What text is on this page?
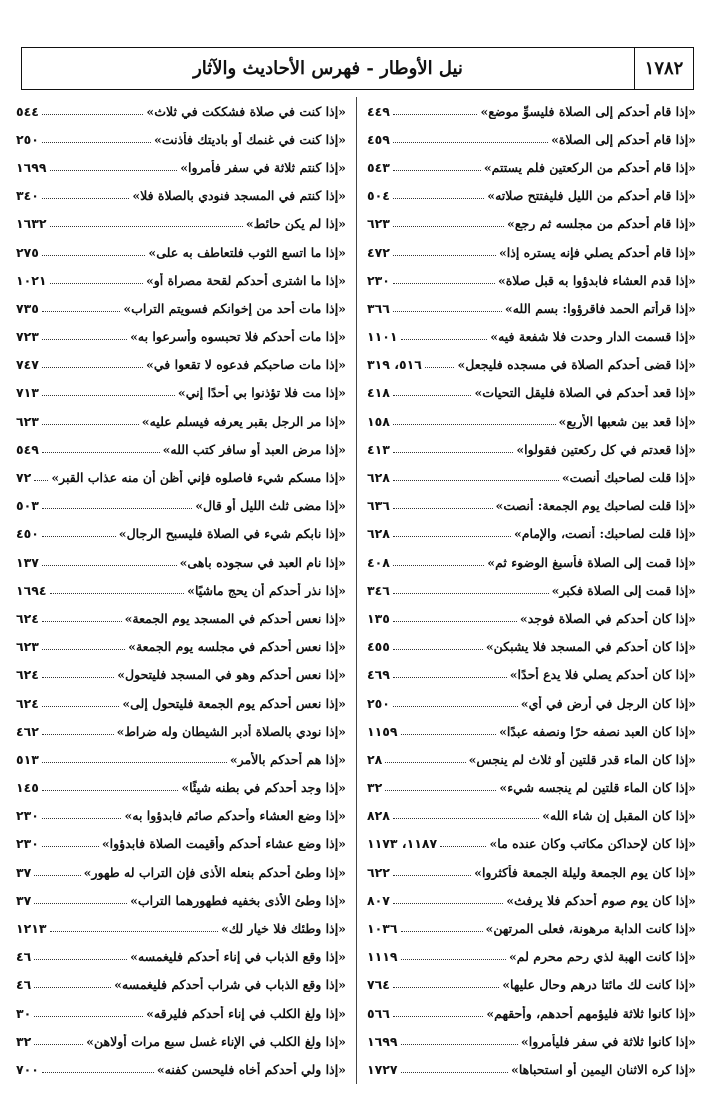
١٧٨٢
نيل الأوطار - فهرس الأحاديث والآثار
«إذا قام أحدكم إلى الصلاة فليسوِّ موضع»
٤٤٩
«إذا قام أحدكم إلى الصلاة»
٤٥٩
«إذا قام أحدكم من الركعتين فلم يستتم»
٥٤٣
«إذا قام أحدكم من الليل فليفتتح صلاته»
٥٠٤
«إذا قام أحدكم من مجلسه ثم رجع»
٦٢٣
«إذا قام أحدكم يصلي فإنه يستره إذا»
٤٧٢
«إذا قدم العشاء فابدؤوا به قبل صلاة»
٢٣٠
«إذا قرأتم الحمد فاقرؤوا: بسم الله»
٣٦٦
«إذا قسمت الدار وحدت فلا شفعة فيه»
١١٠١
«إذا قضى أحدكم الصلاة في مسجده فليجعل»
٥١٦، ٣١٩
«إذا قعد أحدكم في الصلاة فليقل التحيات»
٤١٨
«إذا قعد بين شعبها الأربع»
١٥٨
«إذا قعدتم في كل ركعتين فقولوا»
٤١٣
«إذا قلت لصاحبك أنصت»
٦٢٨
«إذا قلت لصاحبك يوم الجمعة: أنصت»
٦٣٦
«إذا قلت لصاحبك: أنصت، والإمام»
٦٢٨
«إذا قمت إلى الصلاة فأسبغ الوضوء ثم»
٤٠٨
«إذا قمت إلى الصلاة فكبر»
٣٤٦
«إذا كان أحدكم في الصلاة فوجد»
١٣٥
«إذا كان أحدكم في المسجد فلا يشبكن»
٤٥٥
«إذا كان أحدكم يصلي فلا يدع أحدًا»
٤٦٩
«إذا كان الرجل في أرض في أي»
٢٥٠
«إذا كان العبد نصفه حرًا ونصفه عبدًا»
١١٥٩
«إذا كان الماء قدر قلتين أو ثلاث لم ينجس»
٢٨
«إذا كان الماء قلتين لم ينجسه شيء»
٣٢
«إذا كان المقبل إن شاء الله»
٨٢٨
«إذا كان لإحداكن مكاتب وكان عنده ما»
١١٨٧، ١١٧٣
«إذا كان يوم الجمعة وليلة الجمعة فأكثروا»
٦٢٢
«إذا كان يوم صوم أحدكم فلا يرفث»
٨٠٧
«إذا كانت الدابة مرهونة، فعلى المرتهن»
١٠٣٦
«إذا كانت الهبة لذي رحم محرم لم»
١١١٩
«إذا كانت لك مائتا درهم وحال عليها»
٧٦٤
«إذا كانوا ثلاثة فليؤمهم أحدهم، وأحقهم»
٥٦٦
«إذا كانوا ثلاثة في سفر فليأمروا»
١٦٩٩
«إذا كره الاثنان اليمين أو استحباها»
١٧٢٧
«إذا كنت في صلاة فشككت في ثلاث»
٥٤٤
«إذا كنت في غنمك أو باديتك فأذنت»
٢٥٠
«إذا كنتم ثلاثة في سفر فأمروا»
١٦٩٩
«إذا كنتم في المسجد فنودي بالصلاة فلا»
٣٤٠
«إذا لم يكن حائط»
١٦٣٢
«إذا ما اتسع الثوب فلتعاطف به على»
٢٧٥
«إذا ما اشترى أحدكم لقحة مصراة أو»
١٠٢١
«إذا مات أحد من إخوانكم فسويتم التراب»
٧٣٥
«إذا مات أحدكم فلا تحبسوه وأسرعوا به»
٧٢٣
«إذا مات صاحبكم فدعوه لا تقعوا في»
٧٤٧
«إذا مت فلا تؤذنوا بي أحدًا إني»
٧١٣
«إذا مر الرجل بقبر يعرفه فيسلم عليه»
٦٢٣
«إذا مرض العبد أو سافر كتب الله»
٥٤٩
«إذا مسكم شيء فاصلوه فإني أظن أن منه عذاب القبر»
٧٢
«إذا مضى ثلث الليل أو قال»
٥٠٣
«إذا نابكم شيء في الصلاة فليسبح الرجال»
٤٥٠
«إذا نام العبد في سجوده باهى»
١٣٧
«إذا نذر أحدكم أن يحج ماشيًا»
١٦٩٤
«إذا نعس أحدكم في المسجد يوم الجمعة»
٦٢٤
«إذا نعس أحدكم في مجلسه يوم الجمعة»
٦٢٣
«إذا نعس أحدكم وهو في المسجد فليتحول»
٦٢٤
«إذا نعس أحدكم يوم الجمعة فليتحول إلى»
٦٢٤
«إذا نودي بالصلاة أدبر الشيطان وله ضراط»
٤٦٢
«إذا هم أحدكم بالأمر»
٥١٣
«إذا وجد أحدكم في بطنه شيئًا»
١٤٥
«إذا وضع العشاء وأحدكم صائم فابدؤوا به»
٢٣٠
«إذا وضع عشاء أحدكم وأقيمت الصلاة فابدؤوا»
٢٣٠
«إذا وطئ أحدكم بنعله الأذى فإن التراب له طهور»
٣٧
«إذا وطئ الأذى بخفيه فطهورهما التراب»
٣٧
«إذا وطئك فلا خيار لك»
١٢١٣
«إذا وقع الذباب في إناء أحدكم فليغمسه»
٤٦
«إذا وقع الذباب في شراب أحدكم فليغمسه»
٤٦
«إذا ولغ الكلب في إناء أحدكم فليرقه»
٣٠
«إذا ولغ الكلب في الإناء غسل سبع مرات أولاهن»
٣٢
«إذا ولي أحدكم أخاه فليحسن كفنه»
٧٠٠
